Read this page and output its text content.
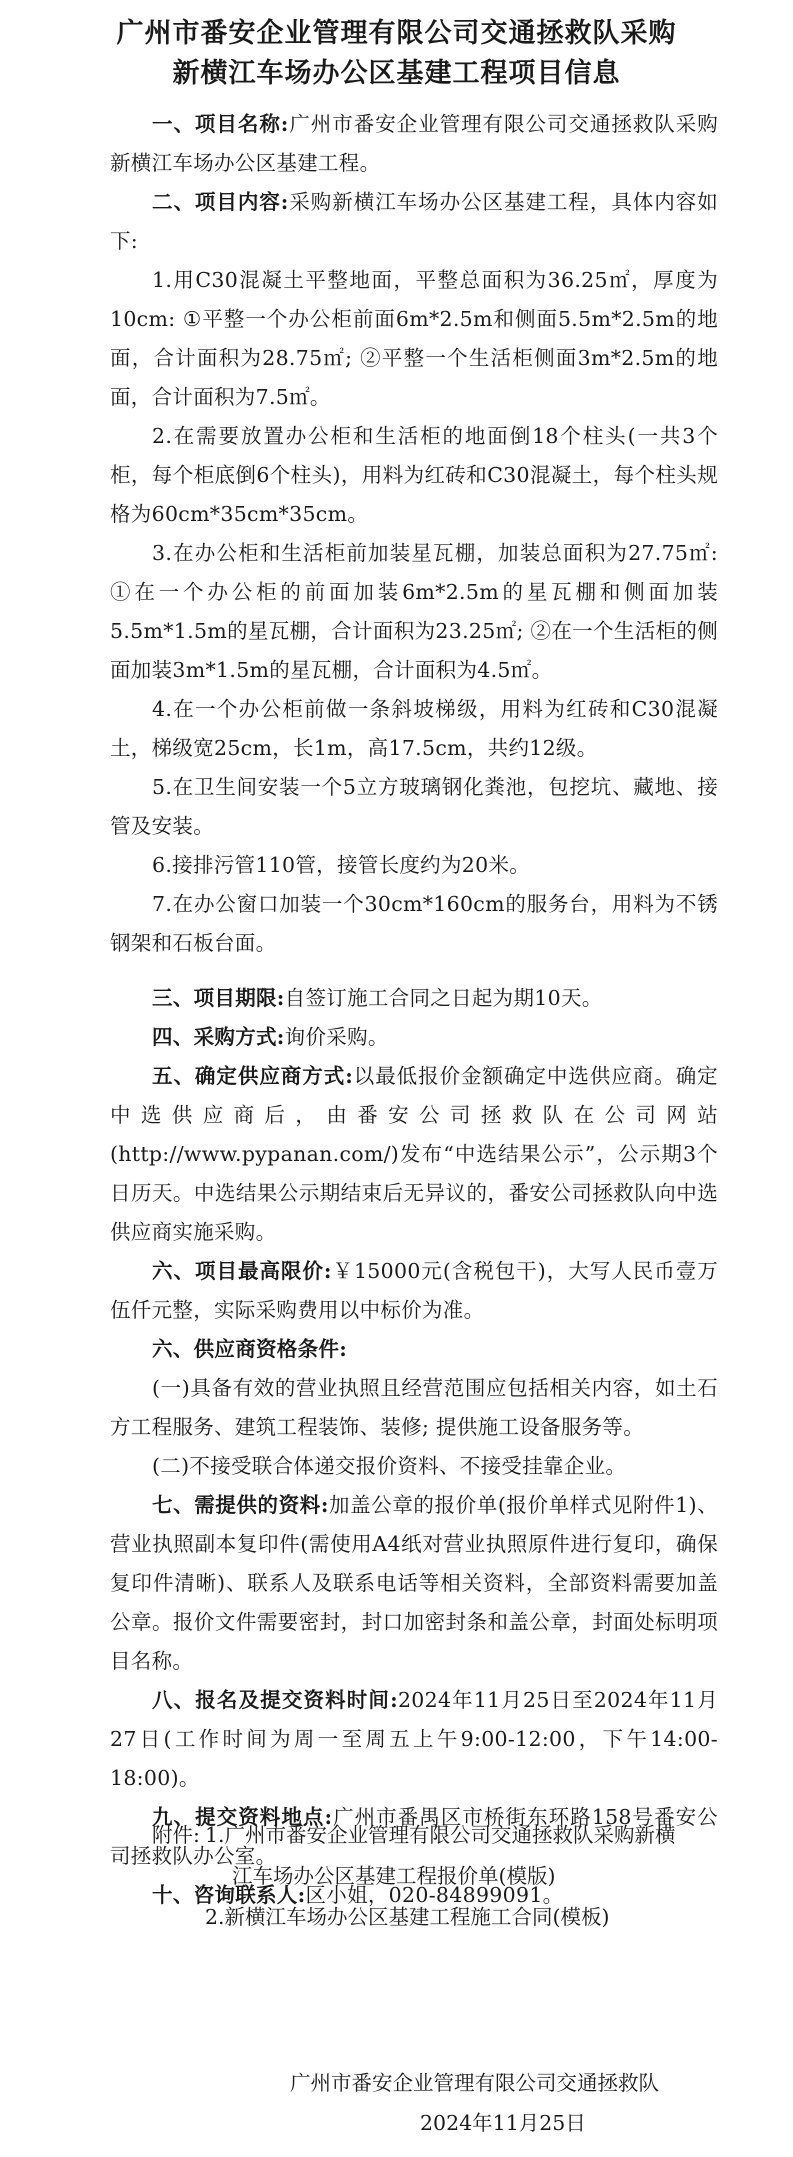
广州市番安企业管理有限公司交通拯救队采购
新横江车场办公区基建工程项目信息

一、项目名称:广州市番安企业管理有限公司交通拯救队采购新横江车场办公区基建工程。

二、项目内容:采购新横江车场办公区基建工程，具体内容如下:

1.用C30混凝土平整地面，平整总面积为36.25㎡，厚度为10cm: ①平整一个办公柜前面6m*2.5m和侧面5.5m*2.5m的地面，合计面积为28.75㎡; ②平整一个生活柜侧面3m*2.5m的地面，合计面积为7.5㎡。

2.在需要放置办公柜和生活柜的地面倒18个柱头(一共3个柜，每个柜底倒6个柱头)，用料为红砖和C30混凝土，每个柱头规格为60cm*35cm*35cm。

3.在办公柜和生活柜前加装星瓦棚，加装总面积为27.75㎡: ①在一个办公柜的前面加装6m*2.5m的星瓦棚和侧面加装5.5m*1.5m的星瓦棚，合计面积为23.25㎡; ②在一个生活柜的侧面加装3m*1.5m的星瓦棚，合计面积为4.5㎡。

4.在一个办公柜前做一条斜坡梯级，用料为红砖和C30混凝土，梯级宽25cm，长1m，高17.5cm，共约12级。

5.在卫生间安装一个5立方玻璃钢化粪池，包挖坑、藏地、接管及安装。

6.接排污管110管，接管长度约为20米。

7.在办公窗口加装一个30cm*160cm的服务台，用料为不锈钢架和石板台面。

三、项目期限:自签订施工合同之日起为期10天。

四、采购方式:询价采购。

五、确定供应商方式:以最低报价金额确定中选供应商。确定中选供应商后，由番安公司拯救队在公司网站(http://www.pypanan.com/)发布“中选结果公示”，公示期3个日历天。中选结果公示期结束后无异议的，番安公司拯救队向中选供应商实施采购。

六、项目最高限价:￥15000元(含税包干)，大写人民币壹万伍仟元整，实际采购费用以中标价为准。

六、供应商资格条件:

(一)具备有效的营业执照且经营范围应包括相关内容，如土石方工程服务、建筑工程装饰、装修; 提供施工设备服务等。

(二)不接受联合体递交报价资料、不接受挂靠企业。

七、需提供的资料:加盖公章的报价单(报价单样式见附件1)、营业执照副本复印件(需使用A4纸对营业执照原件进行复印，确保复印件清晰)、联系人及联系电话等相关资料，全部资料需要加盖公章。报价文件需要密封，封口加密封条和盖公章，封面处标明项目名称。

八、报名及提交资料时间:2024年11月25日至2024年11月27日(工作时间为周一至周五上午9:00-12:00，下午14:00-18:00)。

九、提交资料地点:广州市番禺区市桥街东环路158号番安公司拯救队办公室。

十、咨询联系人:区小姐，020-84899091。

附件: 1.广州市番安企业管理有限公司交通拯救队采购新横
江车场办公区基建工程报价单(模版)
2.新横江车场办公区基建工程施工合同(模板)
广州市番安企业管理有限公司交通拯救队
2024年11月25日
